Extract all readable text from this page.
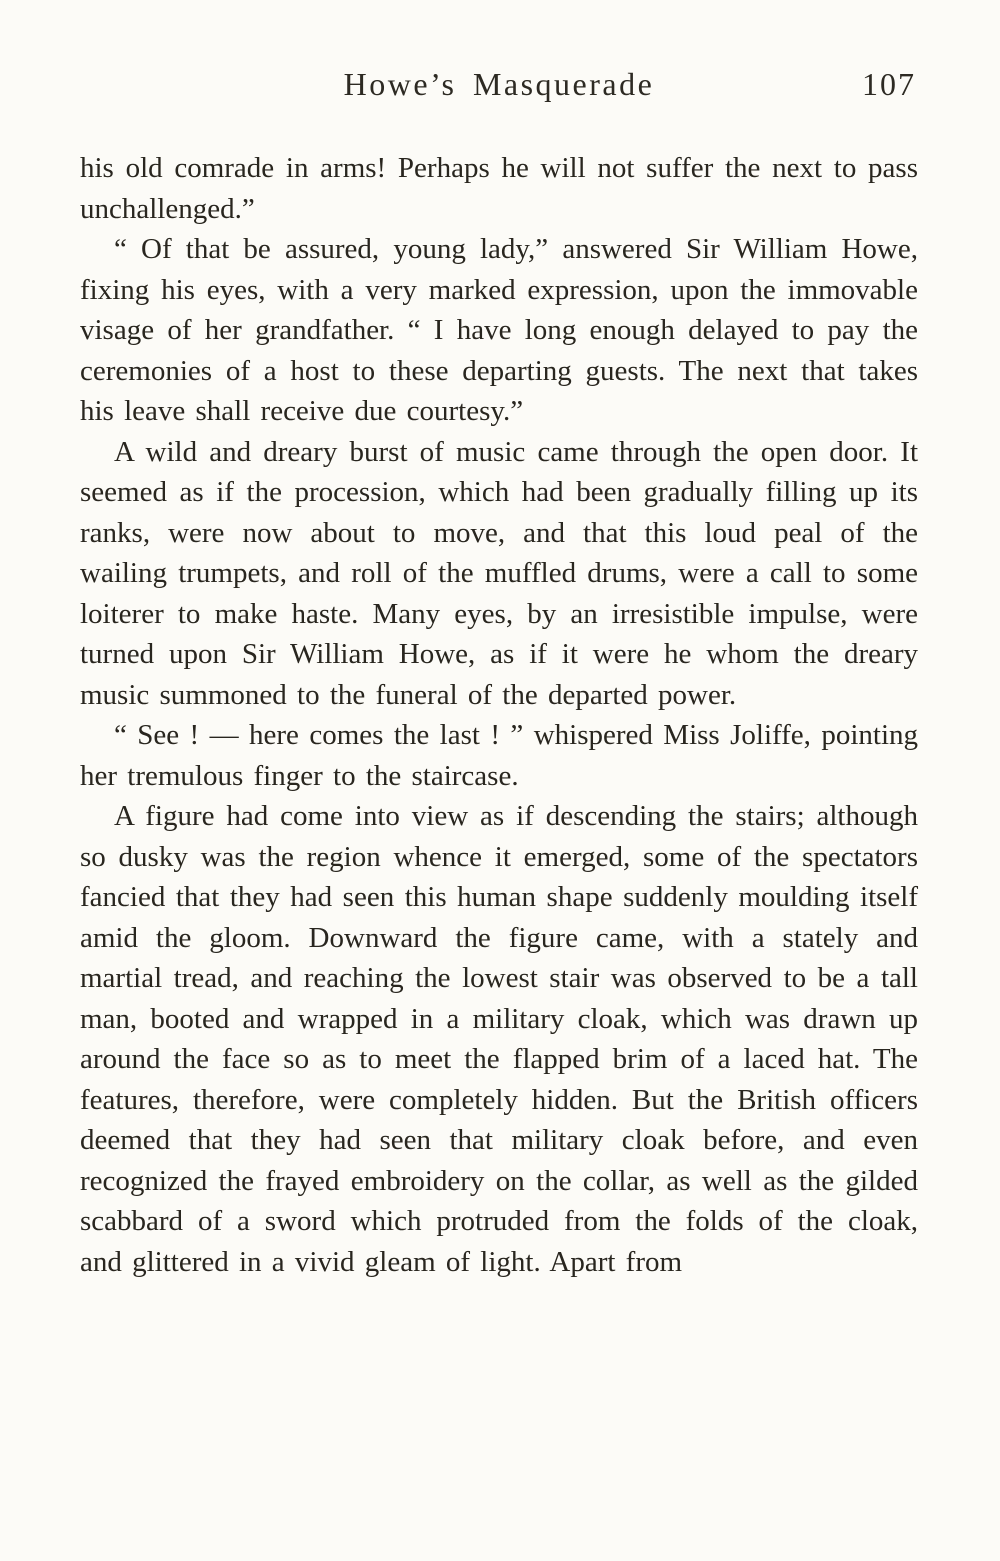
Howe’s Masquerade	107

his old comrade in arms! Perhaps he will not suffer the next to pass unchallenged.”

“ Of that be assured, young lady,” answered Sir William Howe, fixing his eyes, with a very marked expression, upon the immovable visage of her grandfather. “ I have long enough delayed to pay the ceremonies of a host to these departing guests. The next that takes his leave shall receive due courtesy.”

A wild and dreary burst of music came through the open door. It seemed as if the procession, which had been gradually filling up its ranks, were now about to move, and that this loud peal of the wailing trumpets, and roll of the muffled drums, were a call to some loiterer to make haste. Many eyes, by an irresistible impulse, were turned upon Sir William Howe, as if it were he whom the dreary music summoned to the funeral of the departed power.

“ See ! — here comes the last ! ” whispered Miss Joliffe, pointing her tremulous finger to the staircase.

A figure had come into view as if descending the stairs; although so dusky was the region whence it emerged, some of the spectators fancied that they had seen this human shape suddenly moulding itself amid the gloom. Downward the figure came, with a stately and martial tread, and reaching the lowest stair was observed to be a tall man, booted and wrapped in a military cloak, which was drawn up around the face so as to meet the flapped brim of a laced hat. The features, therefore, were completely hidden. But the British officers deemed that they had seen that military cloak before, and even recognized the frayed embroidery on the collar, as well as the gilded scabbard of a sword which protruded from the folds of the cloak, and glittered in a vivid gleam of light. Apart from
